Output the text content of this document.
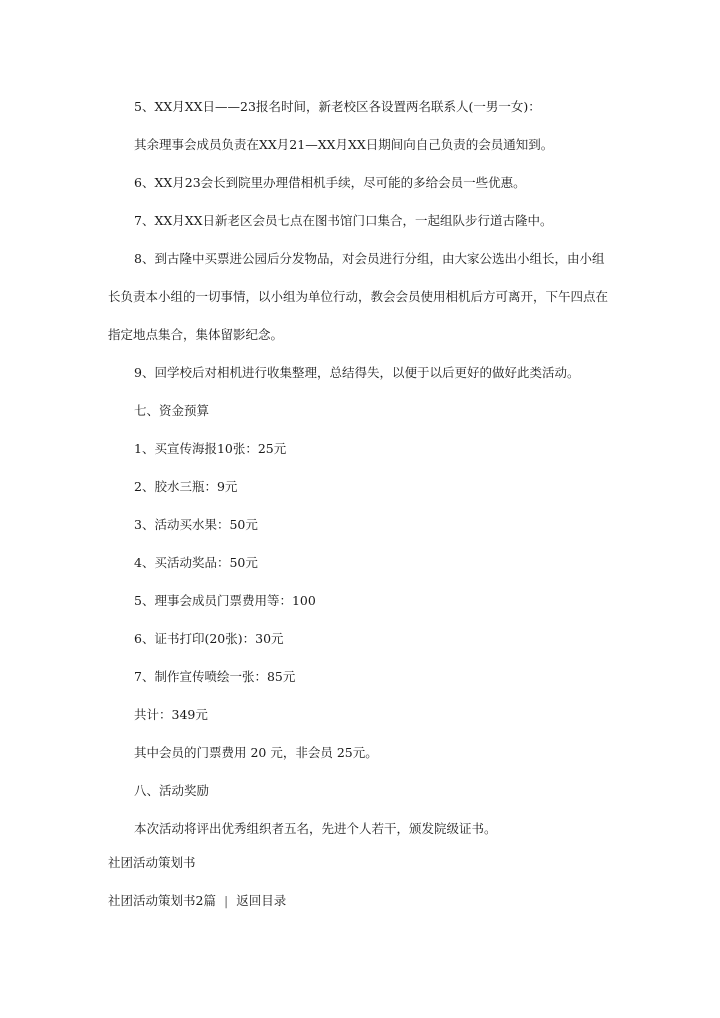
5、XX月XX日——23报名时间，新老校区各设置两名联系人(一男一女)：
其余理事会成员负责在XX月21—XX月XX日期间向自己负责的会员通知到。
6、XX月23会长到院里办理借相机手续，尽可能的多给会员一些优惠。
7、XX月XX日新老区会员七点在图书馆门口集合，一起组队步行道古隆中。
8、到古隆中买票进公园后分发物品，对会员进行分组，由大家公选出小组长，由小组
长负责本小组的一切事情，以小组为单位行动，教会会员使用相机后方可离开，下午四点在
指定地点集合，集体留影纪念。
9、回学校后对相机进行收集整理，总结得失，以便于以后更好的做好此类活动。
七、资金预算
1、买宣传海报10张：25元
2、胶水三瓶：9元
3、活动买水果：50元
4、买活动奖品：50元
5、理事会成员门票费用等：100
6、证书打印(20张)：30元
7、制作宣传喷绘一张：85元
共计：349元
其中会员的门票费用 20 元，非会员 25元。
八、活动奖励
本次活动将评出优秀组织者五名，先进个人若干，颁发院级证书。
社团活动策划书
社团活动策划书2篇 | 返回目录
